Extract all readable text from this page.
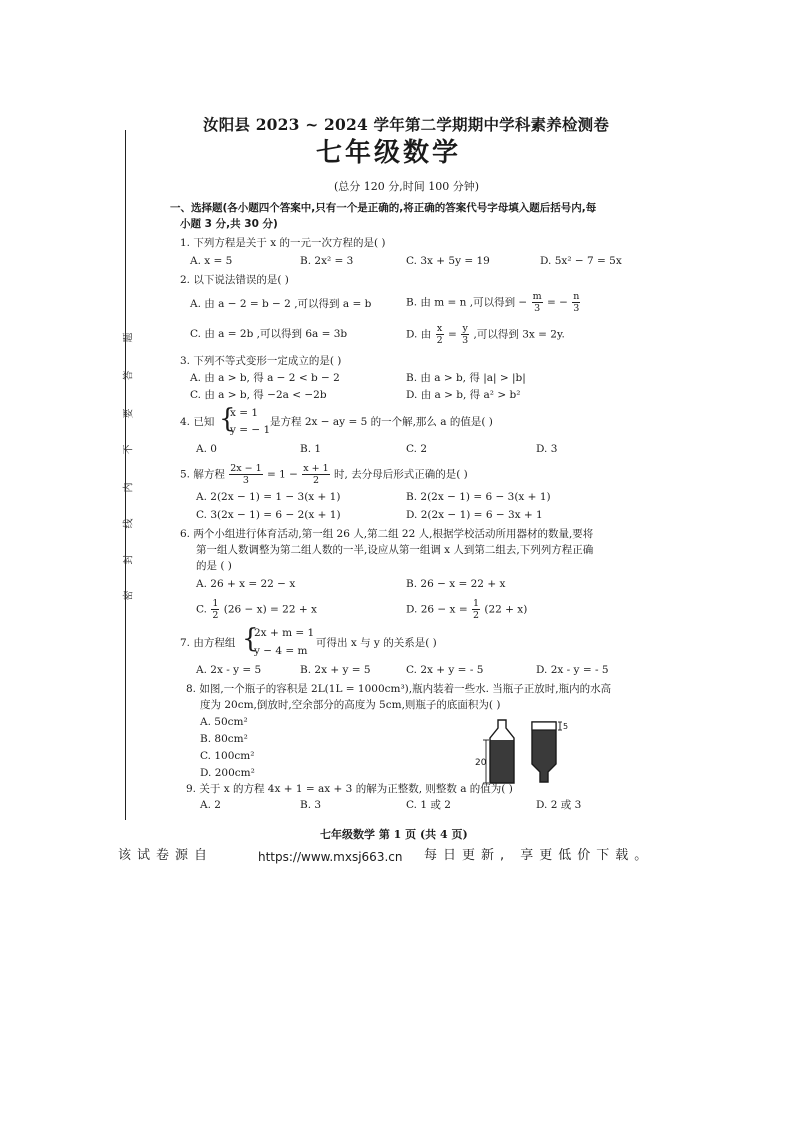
题
答
要
不
内
线
封
密
汝阳县 2023 ~ 2024 学年第二学期期中学科素养检测卷
七年级数学
(总分 120 分,时间 100 分钟)
一、选择题(各小题四个答案中,只有一个是正确的,将正确的答案代号字母填入题后括号内,每
小题 3 分,共 30 分)
1. 下列方程是关于 x 的一元一次方程的是( )
A. x = 5	B. 2x² = 3	C. 3x + 5y = 19	D. 5x² − 7 = 5x
2. 以下说法错误的是( )
A. 由 a − 2 = b − 2 ,可以得到 a = b	B. 由 m = n ,可以得到 − $\frac{m}{3}$ = − $\frac{n}{3}$
C. 由 a = 2b ,可以得到 6a = 3b	D. 由 $\frac{x}{2} = \frac{y}{3}$ ,可以得到 3x = 2y.
3. 下列不等式变形一定成立的是( )
A. 由 a > b, 得 a − 2 < b − 2	B. 由 a > b, 得 |a| > |b|
C. 由 a > b, 得 −2a < −2b	D. 由 a > b, 得 a² > b²
4. 已知 {
x = 1
y = − 1
是方程 2x − ay = 5 的一个解,那么 a 的值是( )
A. 0	B. 1	C. 2	D. 3
5. 解方程 $\frac{2x - 1}{3} = 1 - \frac{x + 1}{2}$ 时, 去分母后形式正确的是( )
A. 2(2x − 1) = 1 − 3(x + 1)	B. 2(2x − 1) = 6 − 3(x + 1)
C. 3(2x − 1) = 6 − 2(x + 1)	D. 2(2x − 1) = 6 − 3x + 1
6. 两个小组进行体育活动,第一组 26 人,第二组 22 人,根据学校活动所用器材的数量,要将
第一组人数调整为第二组人数的一半,设应从第一组调 x 人到第二组去,下列列方程正确
的是 ( )
A. 26 + x = 22 − x	B. 26 − x = 22 + x
C. $\frac{1}{2} (26 - x) = 22 + x$	D. $26 - x = \frac{1}{2} (22 + x)$
7. 由方程组 {
2x + m = 1
y − 4 = m
可得出 x 与 y 的关系是( )
A. 2x - y = 5	B. 2x + y = 5	C. 2x + y = - 5	D. 2x - y = - 5
8. 如图,一个瓶子的容积是 2L(1L = 1000cm³),瓶内装着一些水. 当瓶子正放时,瓶内的水高
度为 20cm,倒放时,空余部分的高度为 5cm,则瓶子的底面积为( )
A. 50cm²
B. 80cm²
C. 100cm²
D. 200cm²
20
5
9. 关于 x 的方程 4x + 1 = ax + 3 的解为正整数, 则整数 a 的值为( )
A. 2	B. 3	C. 1 或 2	D. 2 或 3
七年级数学 第 1 页 (共 4 页)
该试卷源自	https://www.mxsj663.cn 每日更新, 享更低价下载。
